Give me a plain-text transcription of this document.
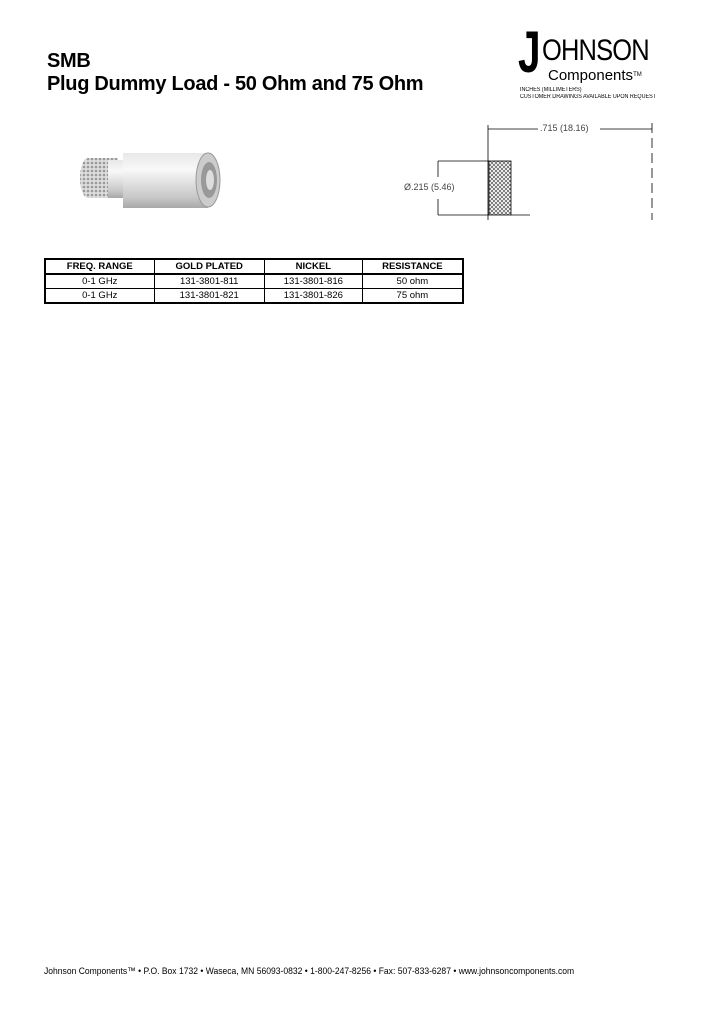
SMB
Plug Dummy Load - 50 Ohm and 75 Ohm J OHNSON
Components™
INCHES (MILLIMETERS)
CUSTOMER DRAWINGS AVAILABLE UPON REQUEST
.715 (18.16)
Ø.215 (5.46)
FREQ. RANGE	GOLD PLATED	NICKEL	RESISTANCE
0-1 GHz	131-3801-811	131-3801-816	50 ohm
0-1 GHz	131-3801-821	131-3801-826	75 ohm
Johnson Components™ • P.O. Box 1732 • Waseca, MN 56093-0832 • 1-800-247-8256 • Fax: 507-833-6287 • www.johnsoncomponents.com
